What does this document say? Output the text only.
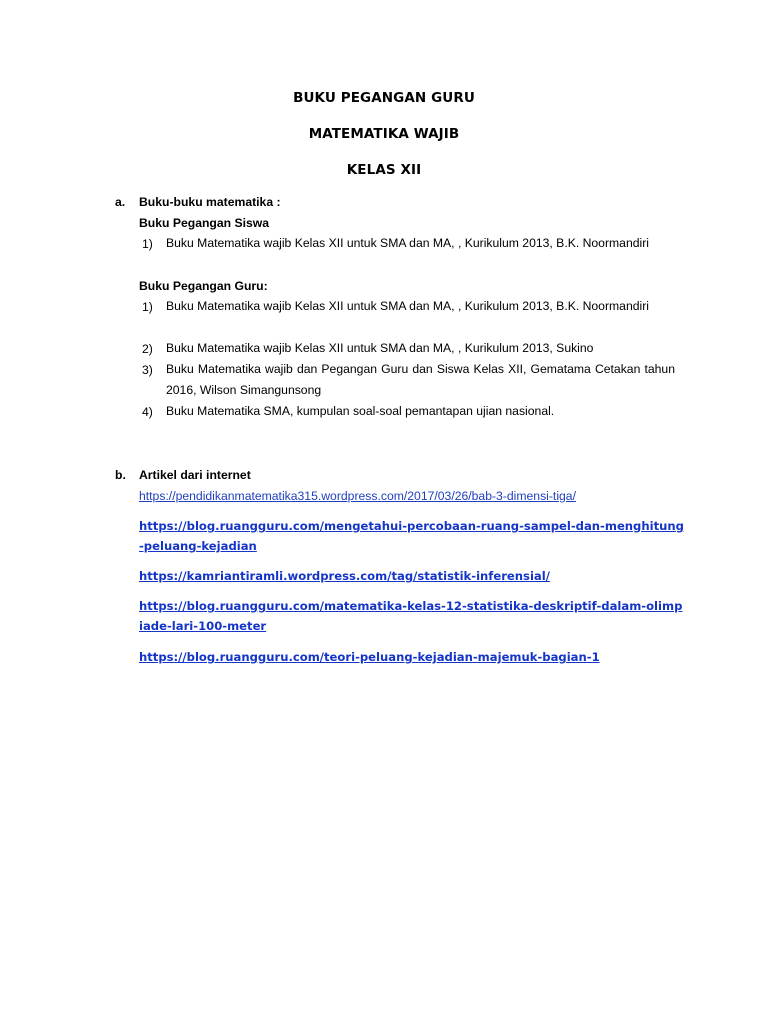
BUKU PEGANGAN GURU
MATEMATIKA WAJIB
KELAS XII
a. Buku-buku matematika :
Buku Pegangan Siswa
1) Buku Matematika wajib Kelas XII untuk SMA dan MA, , Kurikulum 2013, B.K. Noormandiri
Buku Pegangan Guru:
1) Buku Matematika wajib Kelas XII untuk SMA dan MA, , Kurikulum 2013, B.K. Noormandiri
2) Buku Matematika wajib Kelas XII untuk SMA dan MA, , Kurikulum 2013, Sukino
3) Buku Matematika wajib dan Pegangan Guru dan Siswa Kelas XII, Gematama Cetakan tahun 2016, Wilson Simangunsong
4) Buku Matematika SMA, kumpulan soal-soal pemantapan ujian nasional.
b. Artikel dari internet
https://pendidikanmatematika315.wordpress.com/2017/03/26/bab-3-dimensi-tiga/
https://blog.ruangguru.com/mengetahui-percobaan-ruang-sampel-dan-menghitung-peluang-kejadian
https://kamriantiramli.wordpress.com/tag/statistik-inferensial/
https://blog.ruangguru.com/matematika-kelas-12-statistika-deskriptif-dalam-olimpiade-lari-100-meter
https://blog.ruangguru.com/teori-peluang-kejadian-majemuk-bagian-1
